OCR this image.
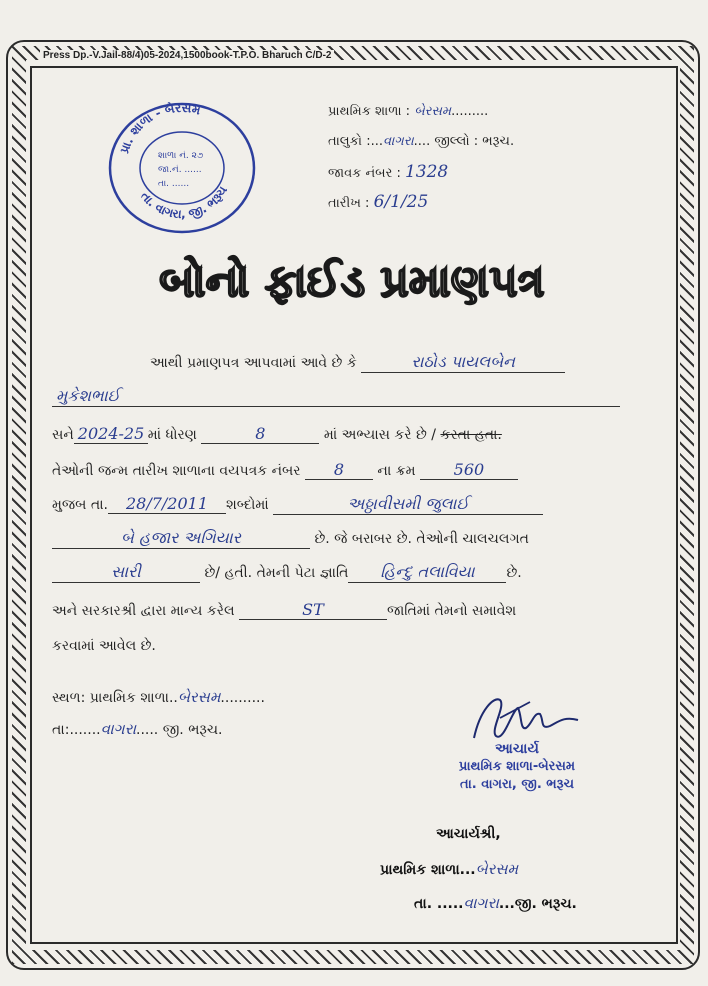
Press Dp.-V.Jail-88/4)05-2024,1500book-T.P.O. Bharuch C/D-2
પ્રા. શાળા - બેરસમ
તા. વાગરા, જી. ભરૂચ
શાળા નં. ૨૭
જા.નં. ......
તા. ......
પ્રાથમિક શાળા : બેરસમ.........
તાલુકો :...વાગરા.... જીલ્લો : ભરૂચ.
જાવક નંબર : 1328
તારીખ : 6/1/25
બોનો ફાઈડ પ્રમાણપત્ર
આથી પ્રમાણપત્ર આપવામાં આવે છે કે	રાઠોડ પાયલબેન
મુકેશભાઈ
સને 2024-25 માં ધોરણ	8	માં અભ્યાસ કરે છે / કરતા હતા.
તેઓની જન્મ તારીખ શાળાના વયપત્રક નંબર 8 ના ક્રમ 560
મુજબ તા. 28/7/2011 શબ્દોમાં	અઠ્ઠાવીસમી જુલાઈ
બે હજાર અગિયાર	છે. જે બરાબર છે. તેઓની ચાલચલગત
સારી	છે/ હતી. તેમની પેટા જ્ઞાતિ હિન્દુ તલાવિયા છે.
અને સરકારશ્રી દ્વારા માન્ય કરેલ	ST	જાતિમાં તેમનો સમાવેશ
કરવામાં આવેલ છે.
સ્થળ: પ્રાથમિક શાળા..બેરસમ..........
તા:.......વાગરા..... જી. ભરૂચ.
આચાર્ય
પ્રાથમિક શાળા-બેરસમ
તા. વાગરા, જી. ભરૂચ
આચાર્યશ્રી,
પ્રાથમિક શાળા...બેરસમ
તા. .....વાગરા...જી. ભરૂચ.
